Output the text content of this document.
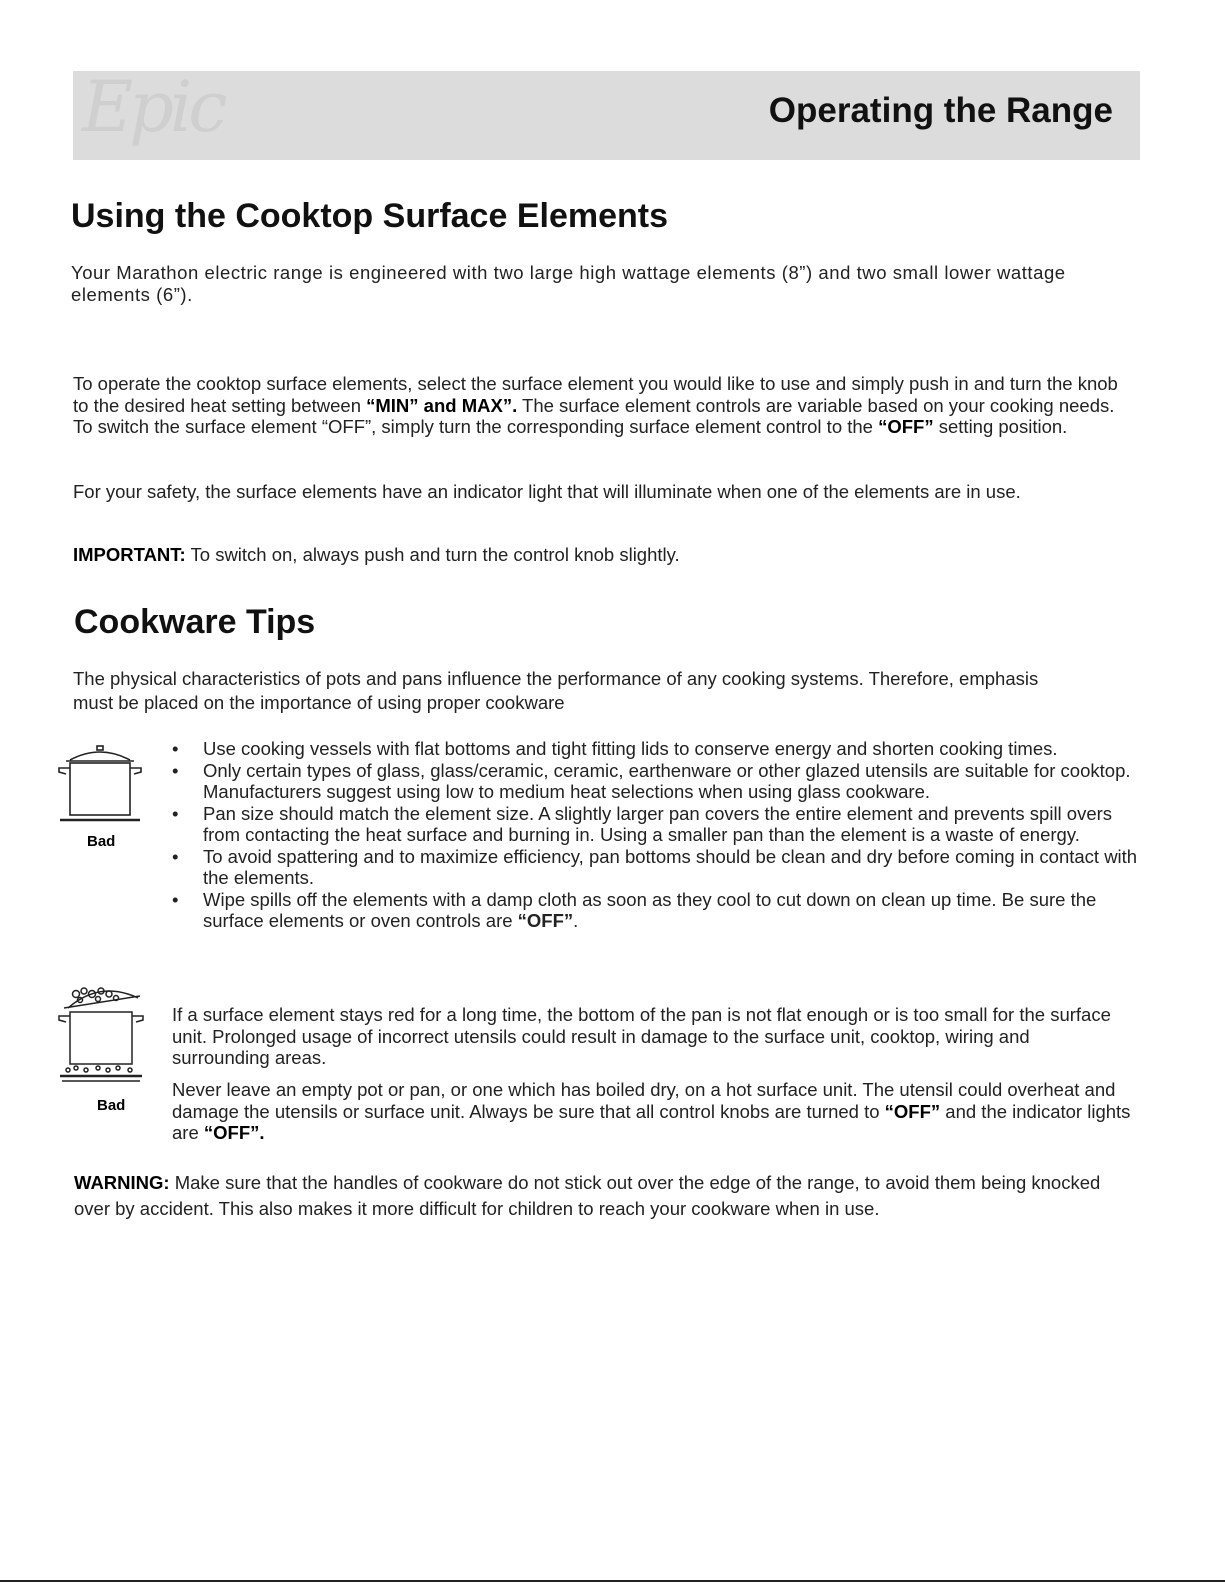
Epic	Operating the Range
Using the Cooktop Surface Elements

Your Marathon electric range is engineered with two large high wattage elements (8”) and two small lower wattage elements (6”).

To operate the cooktop surface elements, select the surface element you would like to use and simply push in and turn the knob to the desired heat setting between “MIN” and MAX”. The surface element controls are variable based on your cooking needs. To switch the surface element “OFF”, simply turn the corresponding surface element control to the “OFF” setting position.

For your safety, the surface elements have an indicator light that will illuminate when one of the elements are in use.

IMPORTANT: To switch on, always push and turn the control knob slightly.

Cookware Tips

The physical characteristics of pots and pans influence the performance of any cooking systems. Therefore, emphasis must be placed on the importance of using proper cookware

Bad
• Use cooking vessels with flat bottoms and tight fitting lids to conserve energy and shorten cooking times.
• Only certain types of glass, glass/ceramic, ceramic, earthenware or other glazed utensils are suitable for cooktop. Manufacturers suggest using low to medium heat selections when using glass cookware.
• Pan size should match the element size. A slightly larger pan covers the entire element and prevents spill overs from contacting the heat surface and burning in. Using a smaller pan than the element is a waste of energy.
• To avoid spattering and to maximize efficiency, pan bottoms should be clean and dry before coming in contact with the elements.
• Wipe spills off the elements with a damp cloth as soon as they cool to cut down on clean up time. Be sure the surface elements or oven controls are “OFF”.
Bad

If a surface element stays red for a long time, the bottom of the pan is not flat enough or is too small for the surface unit. Prolonged usage of incorrect utensils could result in damage to the surface unit, cooktop, wiring and surrounding areas.

Never leave an empty pot or pan, or one which has boiled dry, on a hot surface unit. The utensil could overheat and damage the utensils or surface unit. Always be sure that all control knobs are turned to “OFF” and the indicator lights are “OFF”.

WARNING: Make sure that the handles of cookware do not stick out over the edge of the range, to avoid them being knocked over by accident. This also makes it more difficult for children to reach your cookware when in use.
